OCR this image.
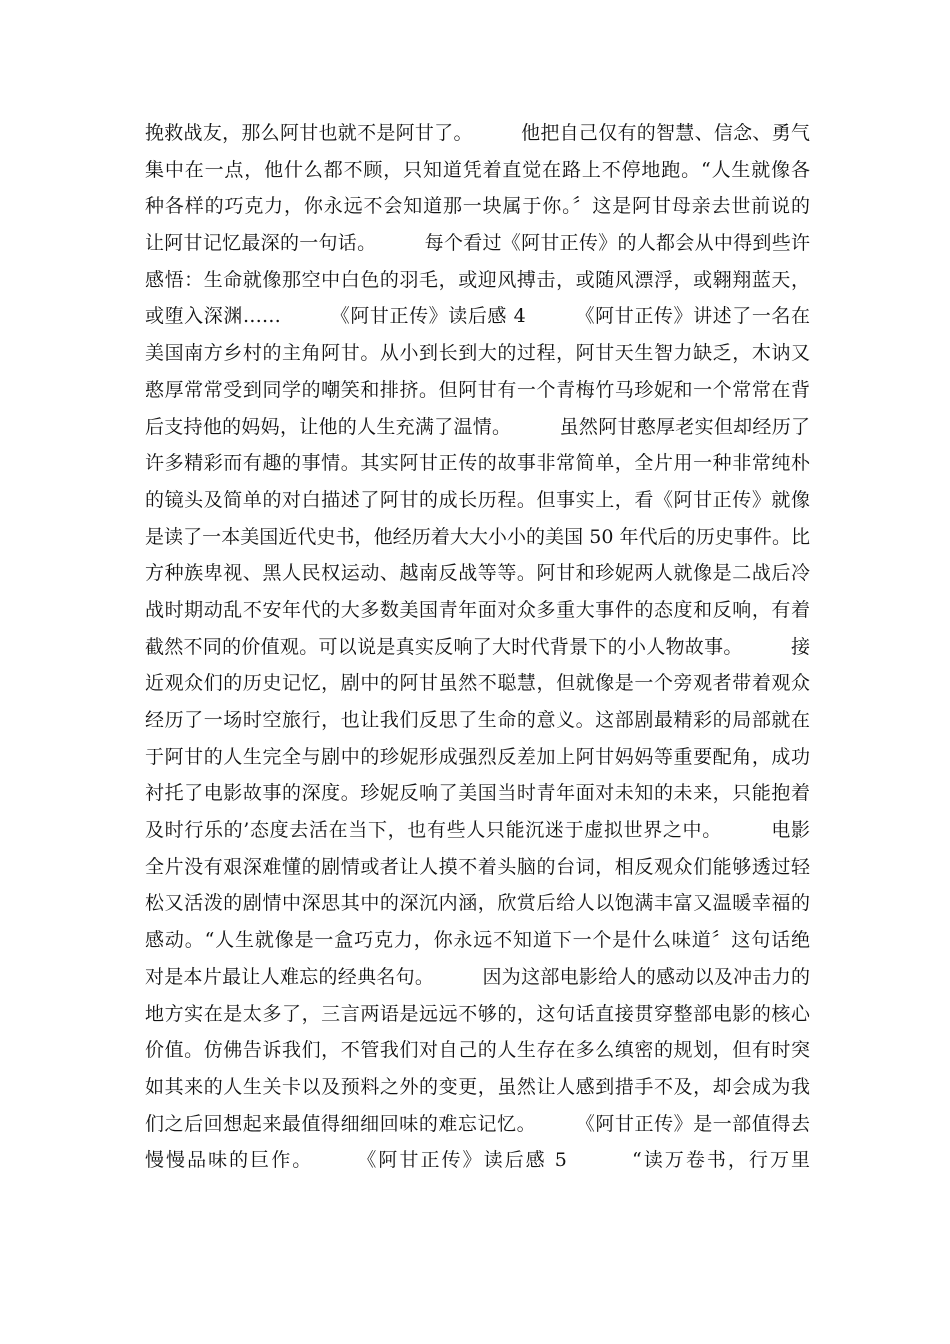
挽救战友，那么阿甘也就不是阿甘了。　　　他把自己仅有的智慧、信念、勇气
集中在一点，他什么都不顾，只知道凭着直觉在路上不停地跑。“人生就像各
种各样的巧克力，你永远不会知道那一块属于你。〞这是阿甘母亲去世前说的
让阿甘记忆最深的一句话。　　　每个看过《阿甘正传》的人都会从中得到些许
感悟：生命就像那空中白色的羽毛，或迎风搏击，或随风漂浮，或翱翔蓝天，
或堕入深渊……　　　《阿甘正传》读后感 4　　　《阿甘正传》讲述了一名在
美国南方乡村的主角阿甘。从小到长到大的过程，阿甘天生智力缺乏，木讷又
憨厚常常受到同学的嘲笑和排挤。但阿甘有一个青梅竹马珍妮和一个常常在背
后支持他的妈妈，让他的人生充满了温情。　　　虽然阿甘憨厚老实但却经历了
许多精彩而有趣的事情。其实阿甘正传的故事非常简单，全片用一种非常纯朴
的镜头及简单的对白描述了阿甘的成长历程。但事实上，看《阿甘正传》就像
是读了一本美国近代史书，他经历着大大小小的美国 50 年代后的历史事件。比
方种族卑视、黑人民权运动、越南反战等等。阿甘和珍妮两人就像是二战后冷
战时期动乱不安年代的大多数美国青年面对众多重大事件的态度和反响，有着
截然不同的价值观。可以说是真实反响了大时代背景下的小人物故事。　　　接
近观众们的历史记忆，剧中的阿甘虽然不聪慧，但就像是一个旁观者带着观众
经历了一场时空旅行，也让我们反思了生命的意义。这部剧最精彩的局部就在
于阿甘的人生完全与剧中的珍妮形成强烈反差加上阿甘妈妈等重要配角，成功
衬托了电影故事的深度。珍妮反响了美国当时青年面对未知的未来，只能抱着
及时行乐的’态度去活在当下，也有些人只能沉迷于虚拟世界之中。　　　电影
全片没有艰深难懂的剧情或者让人摸不着头脑的台词，相反观众们能够透过轻
松又活泼的剧情中深思其中的深沉内涵，欣赏后给人以饱满丰富又温暖幸福的
感动。“人生就像是一盒巧克力，你永远不知道下一个是什么味道〞这句话绝
对是本片最让人难忘的经典名句。　　　因为这部电影给人的感动以及冲击力的
地方实在是太多了，三言两语是远远不够的，这句话直接贯穿整部电影的核心
价值。仿佛告诉我们，不管我们对自己的人生存在多么缜密的规划，但有时突
如其来的人生关卡以及预料之外的变更，虽然让人感到措手不及，却会成为我
们之后回想起来最值得细细回味的难忘记忆。　　　《阿甘正传》是一部值得去
慢慢品味的巨作。　　　《阿甘正传》读后感 5　　　“读万卷书，行万里
